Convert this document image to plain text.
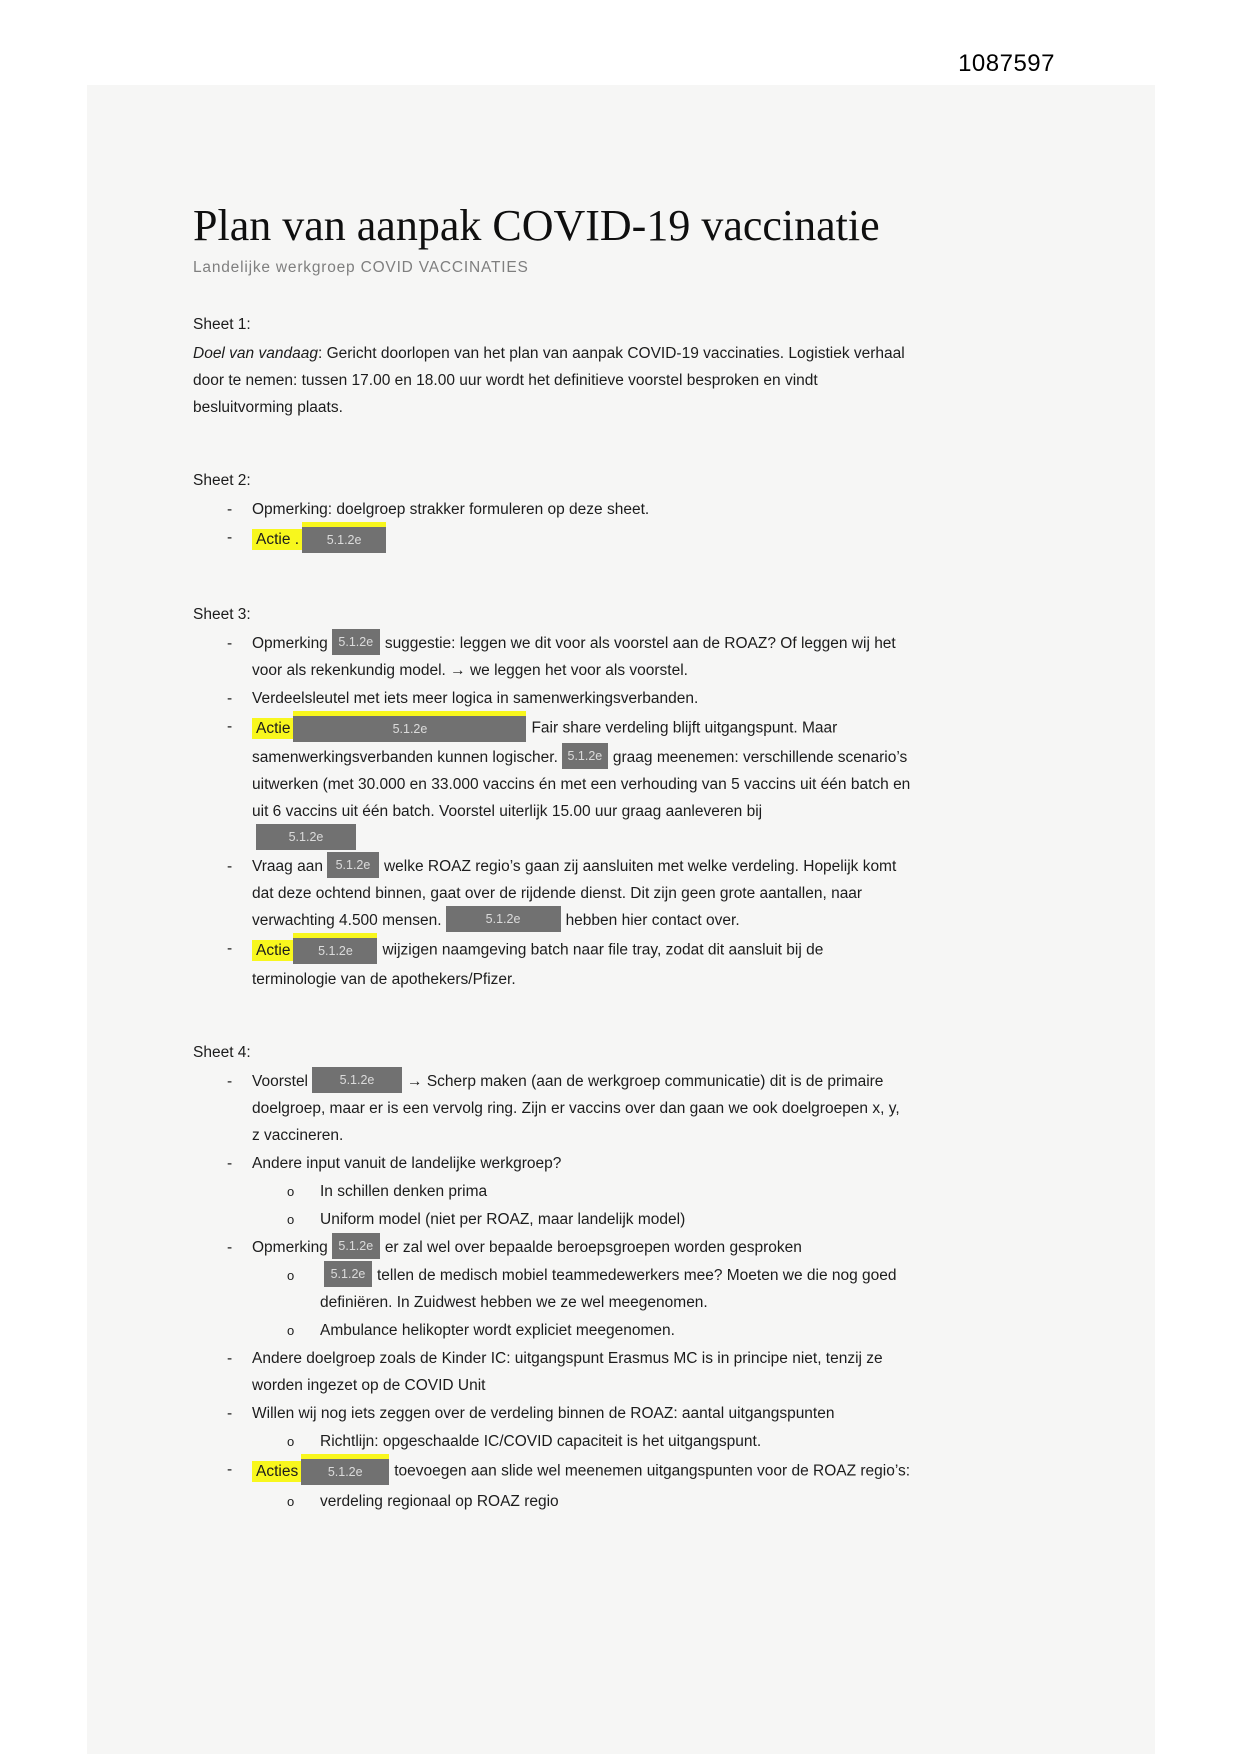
1087597
Plan van aanpak COVID-19 vaccinatie
Landelijke werkgroep COVID VACCINATIES
Sheet 1:
Doel van vandaag: Gericht doorlopen van het plan van aanpak COVID-19 vaccinaties. Logistiek verhaal door te nemen: tussen 17.00 en 18.00 uur wordt het definitieve voorstel besproken en vindt besluitvorming plaats.
Sheet 2:
-	Opmerking: doelgroep strakker formuleren op deze sheet.
-	Actie . 5.1.2e
Sheet 3:
-	Opmerking 5.1.2e suggestie: leggen we dit voor als voorstel aan de ROAZ? Of leggen wij het voor als rekenkundig model. → we leggen het voor als voorstel.
-	Verdeelsleutel met iets meer logica in samenwerkingsverbanden.
-	Actie	5.1.2e	Fair share verdeling blijft uitgangspunt. Maar samenwerkingsverbanden kunnen logischer. 5.1.2e graag meenemen: verschillende scenario’s uitwerken (met 30.000 en 33.000 vaccins én met een verhouding van 5 vaccins uit één batch en uit 6 vaccins uit één batch. Voorstel uiterlijk 15.00 uur graag aanleveren bij

5.1.2e
-	Vraag aan 5.1.2e welke ROAZ regio’s gaan zij aansluiten met welke verdeling. Hopelijk komt dat deze ochtend binnen, gaat over de rijdende dienst. Dit zijn geen grote aantallen, naar verwachting 4.500 mensen.	5.1.2e	hebben hier contact over.
-	Actie 5.1.2e wijzigen naamgeving batch naar file tray, zodat dit aansluit bij de terminologie van de apothekers/Pfizer.
Sheet 4:
-	Voorstel	5.1.2e → Scherp maken (aan de werkgroep communicatie) dit is de primaire doelgroep, maar er is een vervolg ring. Zijn er vaccins over dan gaan we ook doelgroepen x, y, z vaccineren.
-	Andere input vanuit de landelijke werkgroep?
o	In schillen denken prima
o	Uniform model (niet per ROAZ, maar landelijk model)
-	Opmerking 5.1.2e er zal wel over bepaalde beroepsgroepen worden gesproken
o	5.1.2e tellen de medisch mobiel teammedewerkers mee? Moeten we die nog goed definiëren. In Zuidwest hebben we ze wel meegenomen.
o	Ambulance helikopter wordt expliciet meegenomen.
-	Andere doelgroep zoals de Kinder IC: uitgangspunt Erasmus MC is in principe niet, tenzij ze worden ingezet op de COVID Unit
-	Willen wij nog iets zeggen over de verdeling binnen de ROAZ: aantal uitgangspunten
o	Richtlijn: opgeschaalde IC/COVID capaciteit is het uitgangspunt.
-	Acties 5.1.2e toevoegen aan slide wel meenemen uitgangspunten voor de ROAZ regio’s:
o	verdeling regionaal op ROAZ regio
